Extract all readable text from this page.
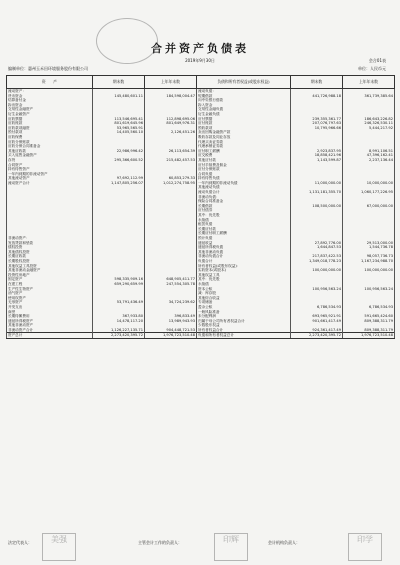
合并资产负债表
2019年9月30日	会合01表
编制单位：惠州玉禾田环境服务股份有限公司	单位：人民币元
资　　产	期末数	上年年末数	负债和所有者权益(或股东权益)	期末数	上年年末数
流动资产：			流动负债：		
货币资金	145,480,601.11	184,598,004.47	短期借款	441,726,988.18	361,739,385.64
结算备付金			向中央银行借款		
拆出资金			拆入资金		
交易性金融资产			交易性金融负债		
衍生金融资产			衍生金融负债		
应收票据	113,546,695.41	112,898,695.06	应付票据	239,355,361.77	186,643,226.82
应收账款	801,619,645.96	801,649,976.31	应付账款	207,076,797.63	246,326,530.11
应收款项融资	53,965,565.91		预收款项	10,795,966.66	5,444,217.92
预付款项	14,405,560.10	2,126,451.26	卖出回购金融资产款		
应收保费			吸收存款及同业存放		
应收分保账款			代理买卖证券款		
应收分保合同准备金			代理承销证券款		
其他应收款	22,986,996.42	26,113,654.39	应付职工薪酬	2,923,837.95	8,991,106.51
买入返售金融资产			应交税费	18,858,421.96	47,396,162.41
存货	295,366,600.52	215,482,457.53	其他应付款	1,143,599.87	2,237,136.44
合同资产			应付手续费及佣金		
持有待售资产			应付分保账款		
一年内到期的非流动资产			合同负债		
其他流动资产	97,692,112.99	60,853,279.33	持有待售负债		
流动资产合计	1,147,805,256.07	1,012,274,758.95	一年内到期的非流动负债	11,000,000.00	10,000,000.00
			其他流动负债		
			流动负债合计	1,131,181,355.70	1,060,177,226.95
			非流动负债：		
			保险合同准备金		
			长期借款	108,500,000.00	67,000,000.00
			应付债券		
			其中：优先股		
			永续债		
			租赁负债		
			长期应付款		
			长期应付职工薪酬		
非流动资产：			预计负债		
发放贷款和垫款			递延收益	27,892,776.00	29,513,000.00
债权投资			递延所得税负债	1,644,847.53	1,544,736.78
其他债权投资			其他非流动负债		
长期应收款			非流动负债合计	217,837,422.53	98,057,736.73
长期股权投资			负债合计	1,349,018,778.23	1,167,234,988.70
其他权益工具投资			所有者权益(或股东权益)：		
其他非流动金融资产			实收资本(或股本)	100,000,000.00	100,000,000.00
投资性房地产			其他权益工具		
固定资产	598,335,909.16	648,905,411.77	其中：优先股		
在建工程	659,290,659.99	247,554,305.78	永续债		
生产性生物资产			资本公积	100,956,563.24	100,956,563.24
油气资产			减：库存股		
使用权资产			其他综合收益		
无形资产	53,791,436.49	34,724,239.62	专项储备		
开发支出			盈余公积	6,786,534.93	6,786,534.93
商誉			一般风险准备		
长期待摊费用	367,933.80	396,833.49	未分配利润	693,965,921.91	591,665,424.60
递延所得税资产	14,478,117.20	13,989,943.93	归属于母公司所有者权益合计	901,661,417.49	809,388,311.79
其他非流动资产			少数股东权益		
非流动资产合计	1,126,227,135.71	904,448,721.53	所有者权益合计	924,361,417.49	809,388,311.79
资产总计	2,273,420,395.72	1,976,723,510.48	负债和所有者权益总计	2,273,420,395.72	1,976,723,510.48
法定代表人：	主管会计工作的负责人：	会计机构负责人：
美强	印辉	印学
